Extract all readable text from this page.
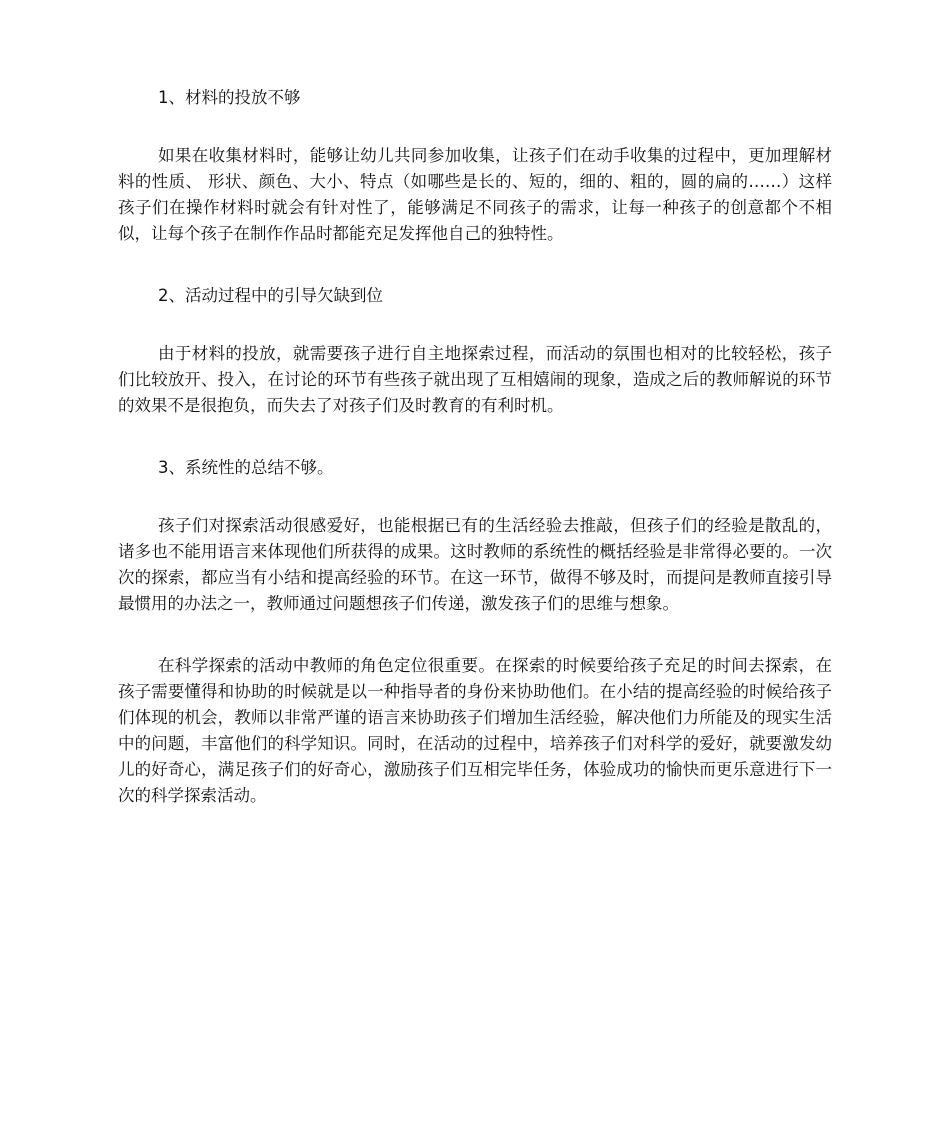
1、材料的投放不够

如果在收集材料时，能够让幼儿共同参加收集，让孩子们在动手收集的过程中，更加理解材料的性质、 形状、颜色、大小、特点（如哪些是长的、短的，细的、粗的，圆的扁的……）这样孩子们在操作材料时就会有针对性了，能够满足不同孩子的需求，让每一种孩子的创意都个不相似，让每个孩子在制作作品时都能充足发挥他自己的独特性。

2、活动过程中的引导欠缺到位

由于材料的投放，就需要孩子进行自主地探索过程，而活动的氛围也相对的比较轻松，孩子们比较放开、投入，在讨论的环节有些孩子就出现了互相嬉闹的现象，造成之后的教师解说的环节的效果不是很抱负，而失去了对孩子们及时教育的有利时机。

3、系统性的总结不够。

孩子们对探索活动很感爱好，也能根据已有的生活经验去推敲，但孩子们的经验是散乱的，诸多也不能用语言来体现他们所获得的成果。这时教师的系统性的概括经验是非常得必要的。一次次的探索，都应当有小结和提高经验的环节。在这一环节，做得不够及时，而提问是教师直接引导最惯用的办法之一，教师通过问题想孩子们传递，激发孩子们的思维与想象。

在科学探索的活动中教师的角色定位很重要。在探索的时候要给孩子充足的时间去探索，在孩子需要懂得和协助的时候就是以一种指导者的身份来协助他们。在小结的提高经验的时候给孩子们体现的机会，教师以非常严谨的语言来协助孩子们增加生活经验，解决他们力所能及的现实生活中的问题，丰富他们的科学知识。同时，在活动的过程中，培养孩子们对科学的爱好，就要激发幼儿的好奇心，满足孩子们的好奇心，激励孩子们互相完毕任务，体验成功的愉快而更乐意进行下一次的科学探索活动。
